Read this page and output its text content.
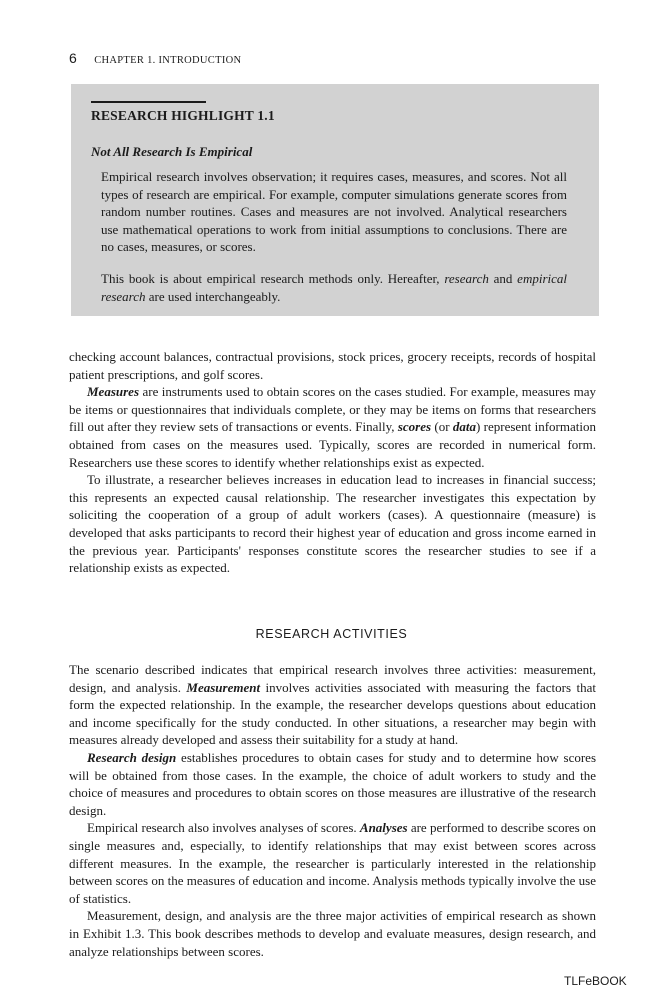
6 CHAPTER 1. INTRODUCTION
RESEARCH HIGHLIGHT 1.1
Not All Research Is Empirical

Empirical research involves observation; it requires cases, measures, and scores. Not all types of research are empirical. For example, computer simulations generate scores from random number routines. Cases and measures are not involved. Analytical researchers use mathematical operations to work from initial assumptions to conclusions. There are no cases, measures, or scores.

This book is about empirical research methods only. Hereafter, research and empirical research are used interchangeably.

checking account balances, contractual provisions, stock prices, grocery receipts, records of hospital patient prescriptions, and golf scores.

Measures are instruments used to obtain scores on the cases studied. For example, measures may be items or questionnaires that individuals complete, or they may be items on forms that researchers fill out after they review sets of transactions or events. Finally, scores (or data) represent information obtained from cases on the measures used. Typically, scores are recorded in numerical form. Researchers use these scores to identify whether relationships exist as expected.

To illustrate, a researcher believes increases in education lead to increases in financial success; this represents an expected causal relationship. The researcher investigates this expectation by soliciting the cooperation of a group of adult workers (cases). A questionnaire (measure) is developed that asks participants to record their highest year of education and gross income earned in the previous year. Participants' responses constitute scores the researcher studies to see if a relationship exists as expected.

RESEARCH ACTIVITIES

The scenario described indicates that empirical research involves three activities: measurement, design, and analysis. Measurement involves activities associated with measuring the factors that form the expected relationship. In the example, the researcher develops questions about education and income specifically for the study conducted. In other situations, a researcher may begin with measures already developed and assess their suitability for a study at hand.

Research design establishes procedures to obtain cases for study and to determine how scores will be obtained from those cases. In the example, the choice of adult workers to study and the choice of measures and procedures to obtain scores on those measures are illustrative of the research design.

Empirical research also involves analyses of scores. Analyses are performed to describe scores on single measures and, especially, to identify relationships that may exist between scores across different measures. In the example, the researcher is particularly interested in the relationship between scores on the measures of education and income. Analysis methods typically involve the use of statistics.

Measurement, design, and analysis are the three major activities of empirical research as shown in Exhibit 1.3. This book describes methods to develop and evaluate measures, design research, and analyze relationships between scores.

TLFeBOOK
